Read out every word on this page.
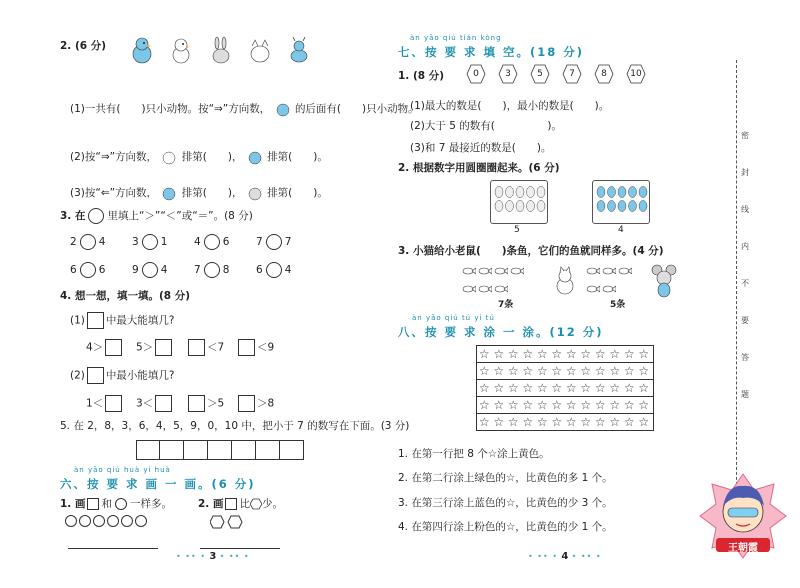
2. (6 分)

(1)一共有(　　)只小动物。按“⇒”方向数， 的后面有(　　)只小动物。
(2)按“⇒”方向数， 排第(　　)， 排第(　　)。
(3)按“⇐”方向数， 排第(　　)， 排第(　　)。
3. 在 里填上“＞”“＜”或“＝”。(8 分)
2 4	3 1	4 6	7 7
6 6	9 4	7 8	6 4
4. 想一想，填一填。(8 分)
(1) 中最大能填几?
4＞	5＞	＜7	＜9
(2) 中最小能填几?
1＜	3＜	＞5	＞8
5. 在 2，8，3，6，4，5，9，0，10 中，把小于 7 的数写在下面。(3 分)
àn yāo qiú huà yi huà
六、按 要 求 画 一 画。(6 分)
1. 画 和 一样多。 2. 画 比 少。
• •• • 3 • •• •
àn yāo qiú tián kòng
七、按 要 求 填 空。(18 分)
1. (8 分)	0	3	5	7	8	10
(1)最大的数是(　　)，最小的数是(　　)。
(2)大于 5 的数有(　　　　　)。
(3)和 7 最接近的数是(　　)。
2. 根据数字用圆圈圈起来。(6 分)
5	4
3. 小猫给小老鼠(　　)条鱼，它们的鱼就同样多。(4 分)
7条	5条
àn yāo qiú tú yi tú
八、按 要 求 涂 一 涂。(12 分)
☆ ☆ ☆ ☆ ☆ ☆ ☆ ☆ ☆ ☆ ☆ ☆
☆ ☆ ☆ ☆ ☆ ☆ ☆ ☆ ☆ ☆ ☆ ☆
☆ ☆ ☆ ☆ ☆ ☆ ☆ ☆ ☆ ☆ ☆ ☆
☆ ☆ ☆ ☆ ☆ ☆ ☆ ☆ ☆ ☆ ☆ ☆
☆ ☆ ☆ ☆ ☆ ☆ ☆ ☆ ☆ ☆ ☆ ☆
1. 在第一行把 8 个☆涂上黄色。
2. 在第二行涂上绿色的☆，比黄色的多 1 个。
3. 在第三行涂上蓝色的☆，比黄色的少 3 个。
4. 在第四行涂上粉色的☆，比黄色的少 1 个。
• •• • 4 • •• •
密
封
线
内
不
要
答
题
王朝霞
